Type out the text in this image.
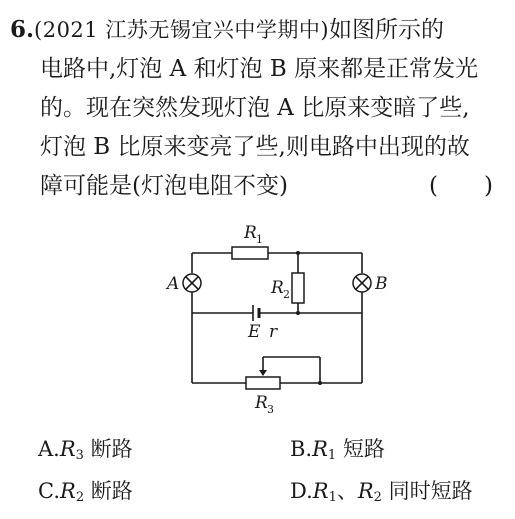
6.(2021 江苏无锡宜兴中学期中)如图所示的
电路中,灯泡 A 和灯泡 B 原来都是正常发光
的。现在突然发现灯泡 A 比原来变暗了些,
灯泡 B 比原来变亮了些,则电路中出现的故
障可能是(灯泡电阻不变)	(　　)
R 1
A	B
R 2
E r
R 3
$A.R_3$ 断路	$B.R_1$ 短路
$C.R_2$ 断路	$D.R_1$、$R_2$ 同时短路
